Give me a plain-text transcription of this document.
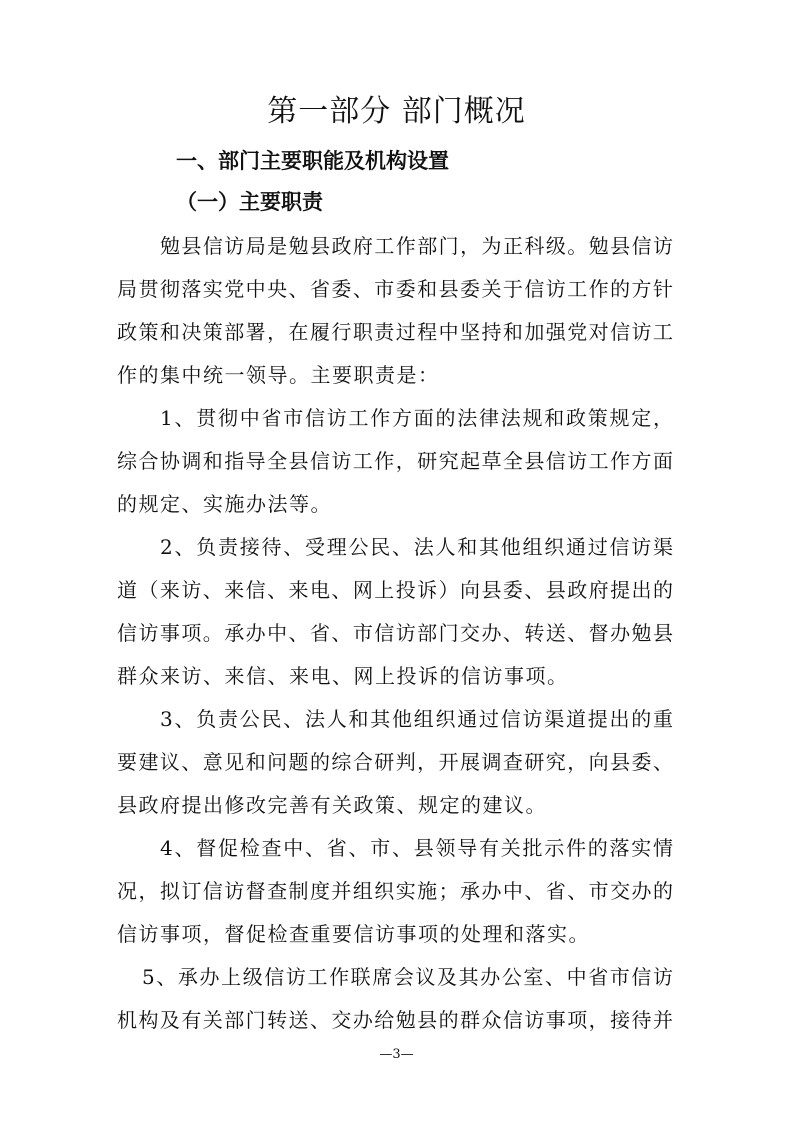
第一部分 部门概况
一、部门主要职能及机构设置
（一）主要职责

勉县信访局是勉县政府工作部门，为正科级。勉县信访

局贯彻落实党中央、省委、市委和县委关于信访工作的方针

政策和决策部署，在履行职责过程中坚持和加强党对信访工

作的集中统一领导。主要职责是：

1、贯彻中省市信访工作方面的法律法规和政策规定，

综合协调和指导全县信访工作，研究起草全县信访工作方面

的规定、实施办法等。

2、负责接待、受理公民、法人和其他组织通过信访渠

道（来访、来信、来电、网上投诉）向县委、县政府提出的

信访事项。承办中、省、市信访部门交办、转送、督办勉县

群众来访、来信、来电、网上投诉的信访事项。

3、负责公民、法人和其他组织通过信访渠道提出的重

要建议、意见和问题的综合研判，开展调查研究，向县委、

县政府提出修改完善有关政策、规定的建议。

4、督促检查中、省、市、县领导有关批示件的落实情

况，拟订信访督查制度并组织实施；承办中、省、市交办的

信访事项，督促检查重要信访事项的处理和落实。

5、承办上级信访工作联席会议及其办公室、中省市信访

机构及有关部门转送、交办给勉县的群众信访事项，接待并

—3—
